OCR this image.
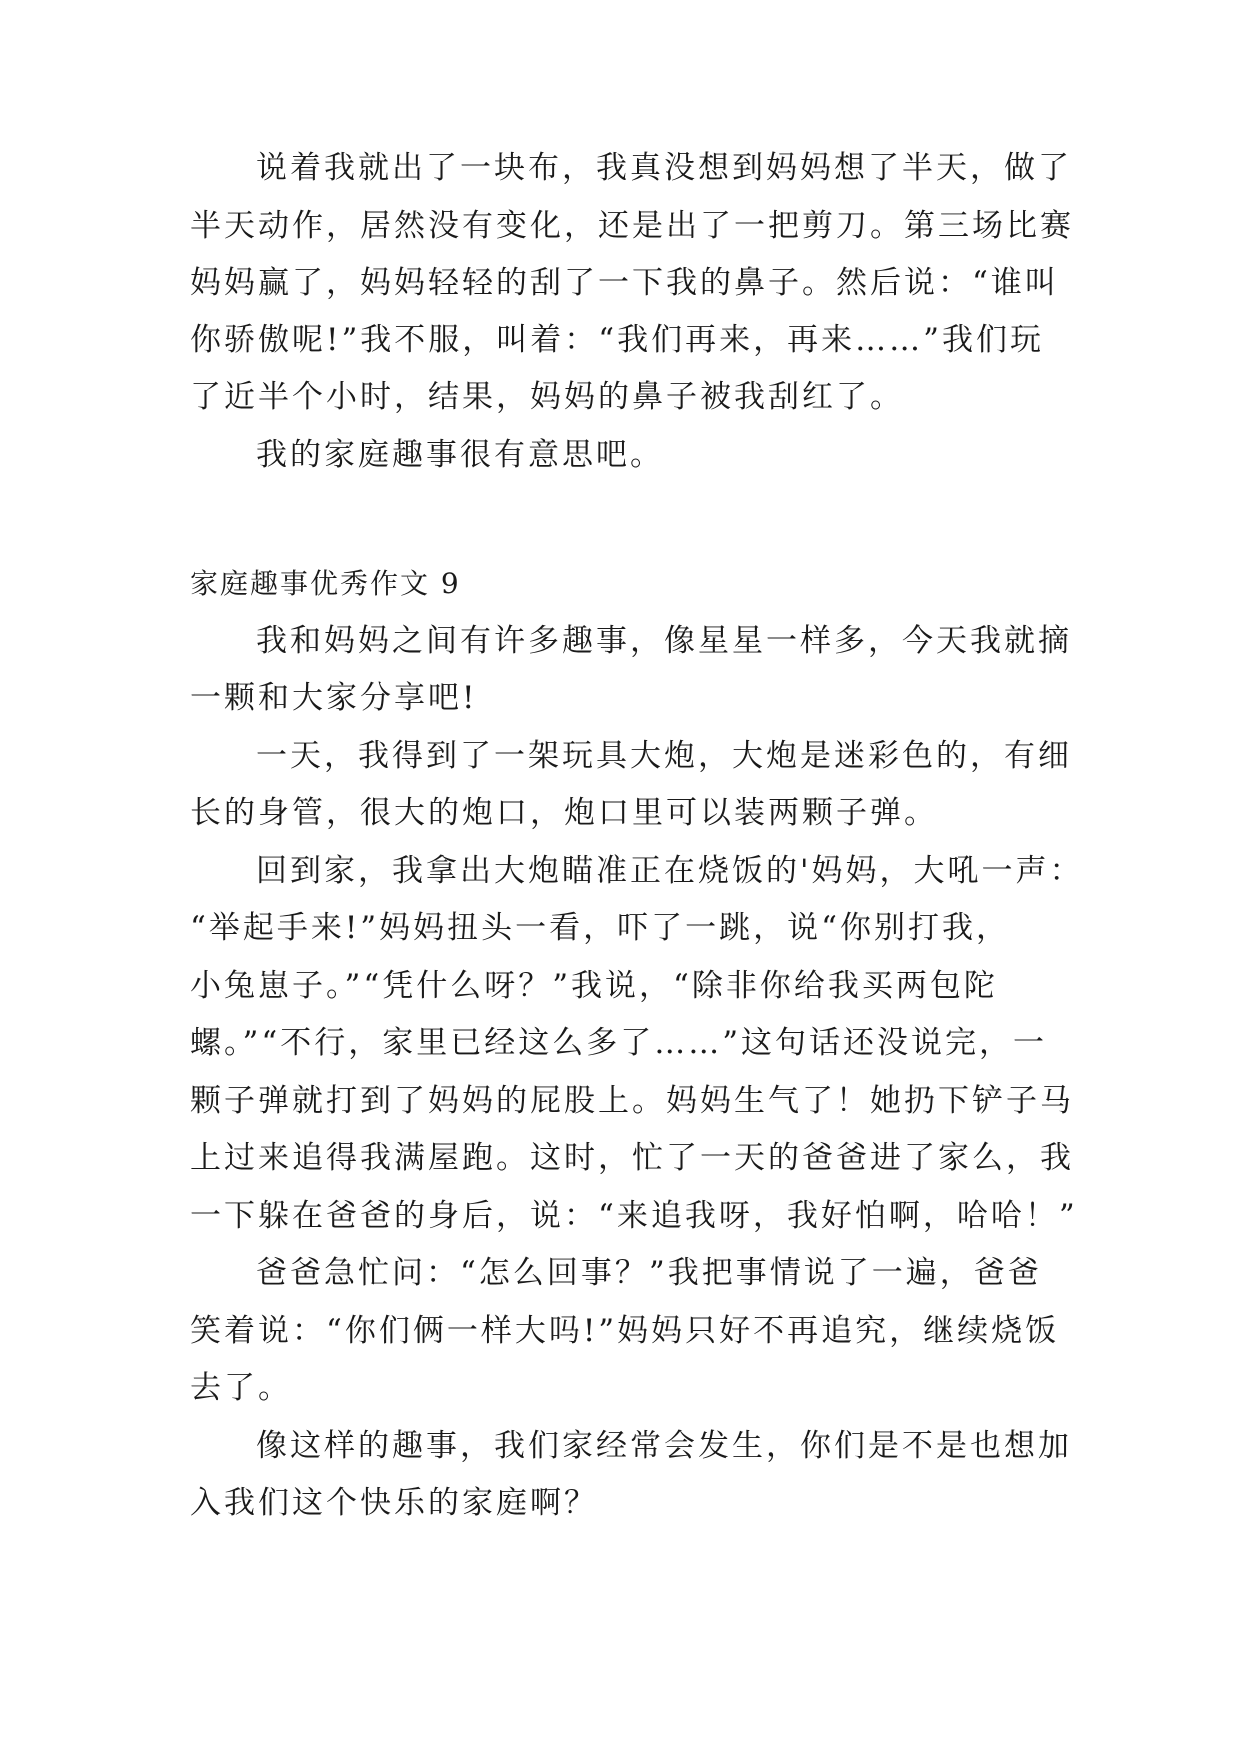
说着我就出了一块布，我真没想到妈妈想了半天，做了
半天动作，居然没有变化，还是出了一把剪刀。第三场比赛
妈妈赢了，妈妈轻轻的刮了一下我的鼻子。然后说：“谁叫
你骄傲呢!”我不服，叫着：“我们再来，再来……”我们玩
了近半个小时，结果，妈妈的鼻子被我刮红了。
我的家庭趣事很有意思吧。
家庭趣事优秀作文 9
我和妈妈之间有许多趣事，像星星一样多，今天我就摘
一颗和大家分享吧!
一天，我得到了一架玩具大炮，大炮是迷彩色的，有细
长的身管，很大的炮口，炮口里可以装两颗子弹。
回到家，我拿出大炮瞄准正在烧饭的'妈妈，大吼一声：
“举起手来!”妈妈扭头一看，吓了一跳，说“你别打我，
小兔崽子。”“凭什么呀？”我说，“除非你给我买两包陀
螺。”“不行，家里已经这么多了……”这句话还没说完，一
颗子弹就打到了妈妈的屁股上。妈妈生气了！她扔下铲子马
上过来追得我满屋跑。这时，忙了一天的爸爸进了家么，我
一下躲在爸爸的身后，说：“来追我呀，我好怕啊，哈哈！”
爸爸急忙问：“怎么回事？”我把事情说了一遍，爸爸
笑着说：“你们俩一样大吗!”妈妈只好不再追究，继续烧饭
去了。
像这样的趣事，我们家经常会发生，你们是不是也想加
入我们这个快乐的家庭啊？
